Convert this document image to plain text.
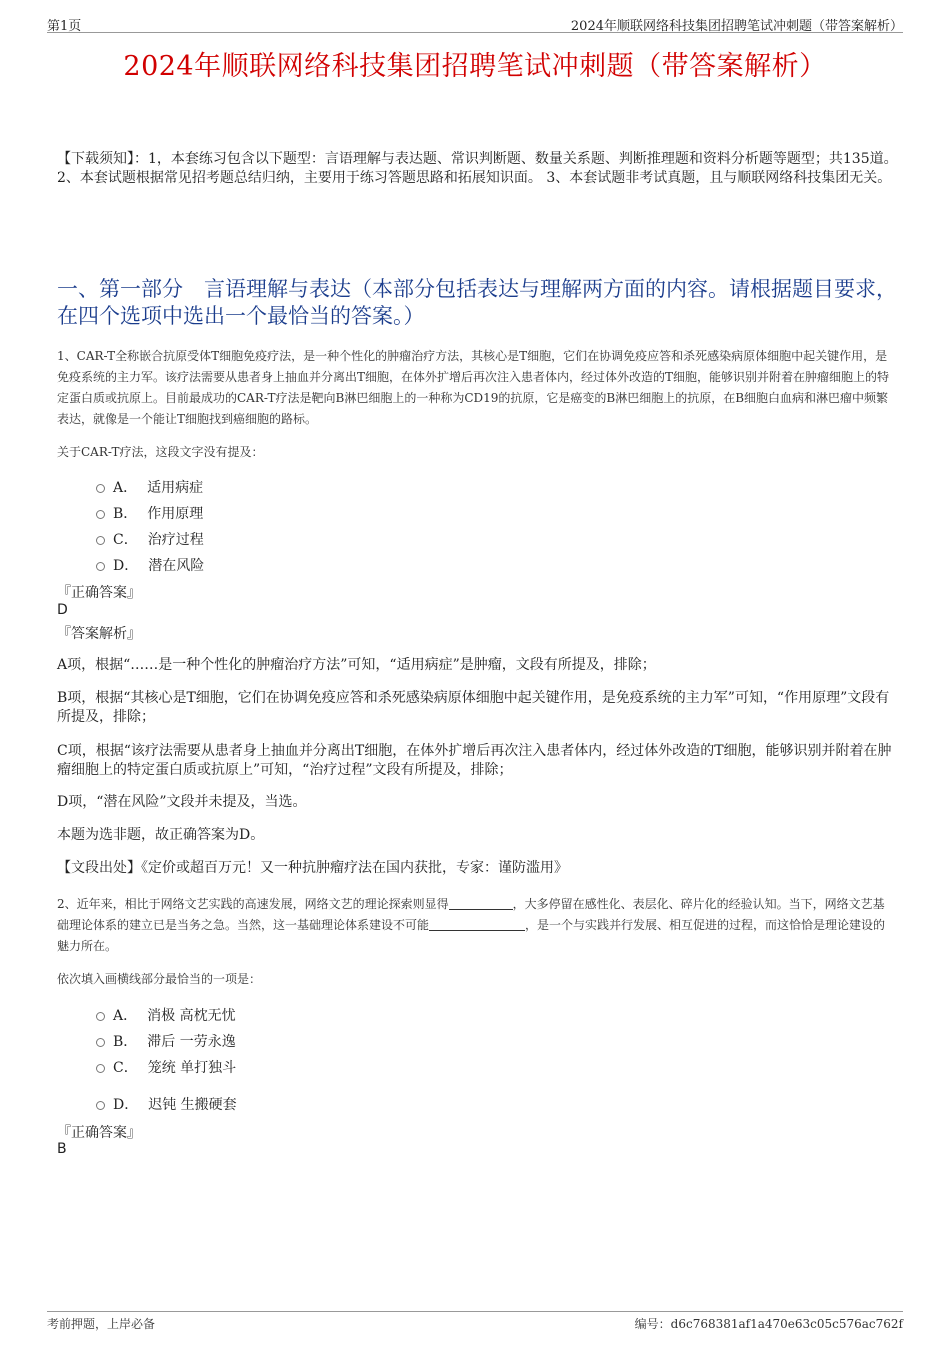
第1页	2024年顺联网络科技集团招聘笔试冲刺题（带答案解析）
2024年顺联网络科技集团招聘笔试冲刺题（带答案解析）
【下载须知】：1，本套练习包含以下题型：言语理解与表达题、常识判断题、数量关系题、判断推理题和资料分析题等题型；共135道。 2、本套试题根据常见招考题总结归纳，主要用于练习答题思路和拓展知识面。 3、本套试题非考试真题，且与顺联网络科技集团无关。
一、第一部分　言语理解与表达（本部分包括表达与理解两方面的内容。请根据题目要求，在四个选项中选出一个最恰当的答案。）
1、CAR-T全称嵌合抗原受体T细胞免疫疗法，是一种个性化的肿瘤治疗方法，其核心是T细胞，它们在协调免疫应答和杀死感染病原体细胞中起关键作用，是免疫系统的主力军。该疗法需要从患者身上抽血并分离出T细胞，在体外扩增后再次注入患者体内，经过体外改造的T细胞，能够识别并附着在肿瘤细胞上的特定蛋白质或抗原上。目前最成功的CAR-T疗法是靶向B淋巴细胞上的一种称为CD19的抗原，它是癌变的B淋巴细胞上的抗原，在B细胞白血病和淋巴瘤中频繁表达，就像是一个能让T细胞找到癌细胞的路标。
关于CAR-T疗法，这段文字没有提及：
A． 适用病症
B． 作用原理
C． 治疗过程
D． 潜在风险
『正确答案』
D
『答案解析』
A项，根据“……是一种个性化的肿瘤治疗方法”可知，“适用病症”是肿瘤，文段有所提及，排除；
B项，根据“其核心是T细胞，它们在协调免疫应答和杀死感染病原体细胞中起关键作用，是免疫系统的主力军”可知，“作用原理”文段有所提及，排除；
C项，根据“该疗法需要从患者身上抽血并分离出T细胞，在体外扩增后再次注入患者体内，经过体外改造的T细胞，能够识别并附着在肿瘤细胞上的特定蛋白质或抗原上”可知，“治疗过程”文段有所提及，排除；
D项，“潜在风险”文段并未提及，当选。
本题为选非题，故正确答案为D。
【文段出处】《定价或超百万元！又一种抗肿瘤疗法在国内获批，专家：谨防滥用》
2、近年来，相比于网络文艺实践的高速发展，网络文艺的理论探索则显得	，大多停留在感性化、表层化、碎片化的经验认知。当下，网络文艺基础理论体系的建立已是当务之急。当然，这一基础理论体系建设不可能	，是一个与实践并行发展、相互促进的过程，而这恰恰是理论建设的魅力所在。
依次填入画横线部分最恰当的一项是：
A． 消极 高枕无忧
B． 滞后 一劳永逸
C． 笼统 单打独斗
D． 迟钝 生搬硬套
『正确答案』
B
考前押题，上岸必备	编号：d6c768381af1a470e63c05c576ac762f
